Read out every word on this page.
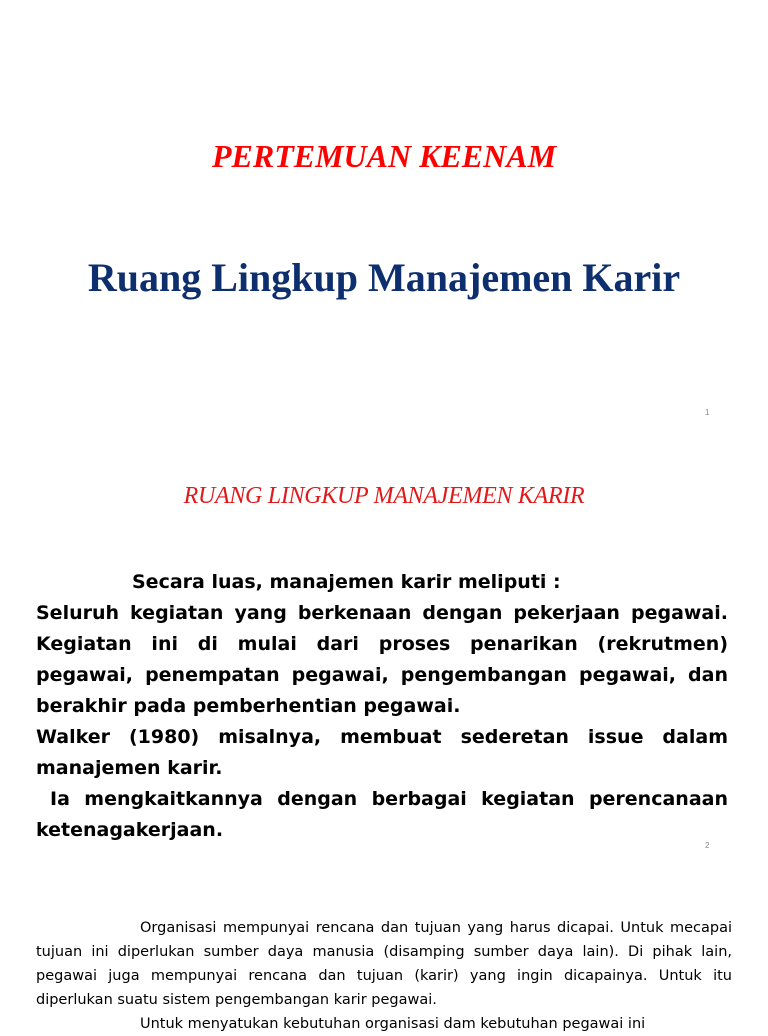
PERTEMUAN KEENAM
Ruang Lingkup Manajemen Karir
1
RUANG LINGKUP MANAJEMEN KARIR

Secara luas, manajemen karir meliputi :

Seluruh kegiatan yang berkenaan dengan pekerjaan pegawai. Kegiatan ini di mulai dari proses penarikan (rekrutmen) pegawai, penempatan pegawai, pengembangan pegawai, dan berakhir pada pemberhentian pegawai.

Walker (1980) misalnya, membuat sederetan issue dalam manajemen karir.

Ia mengkaitkannya dengan berbagai kegiatan perencanaan ketenagakerjaan.

2

Organisasi mempunyai rencana dan tujuan yang harus dicapai. Untuk mecapai tujuan ini diperlukan sumber daya manusia (disamping sumber daya lain). Di pihak lain, pegawai juga mempunyai rencana dan tujuan (karir) yang ingin dicapainya. Untuk itu diperlukan suatu sistem pengembangan karir pegawai.

Untuk menyatukan kebutuhan organisasi dam kebutuhan pegawai ini
